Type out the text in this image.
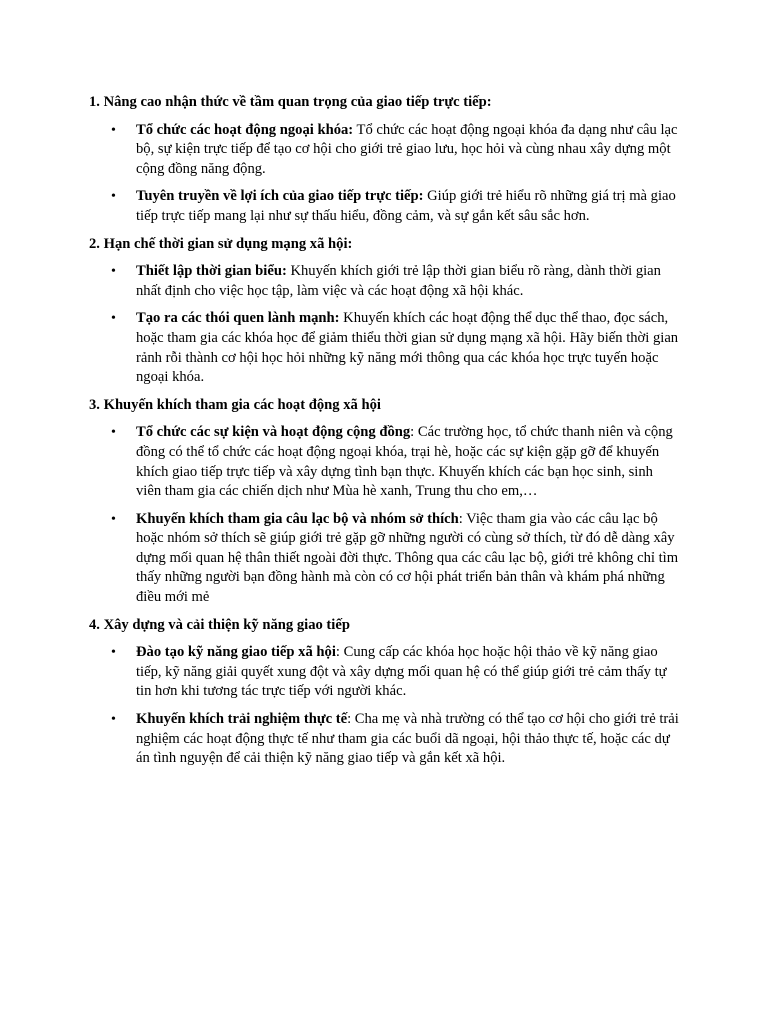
1. Nâng cao nhận thức về tầm quan trọng của giao tiếp trực tiếp:

• Tổ chức các hoạt động ngoại khóa: Tổ chức các hoạt động ngoại khóa đa dạng như câu lạc bộ, sự kiện trực tiếp để tạo cơ hội cho giới trẻ giao lưu, học hỏi và cùng nhau xây dựng một cộng đồng năng động.
• Tuyên truyền về lợi ích của giao tiếp trực tiếp: Giúp giới trẻ hiểu rõ những giá trị mà giao tiếp trực tiếp mang lại như sự thấu hiểu, đồng cảm, và sự gắn kết sâu sắc hơn.

2. Hạn chế thời gian sử dụng mạng xã hội:

• Thiết lập thời gian biểu: Khuyến khích giới trẻ lập thời gian biểu rõ ràng, dành thời gian nhất định cho việc học tập, làm việc và các hoạt động xã hội khác.
• Tạo ra các thói quen lành mạnh: Khuyến khích các hoạt động thể dục thể thao, đọc sách, hoặc tham gia các khóa học để giảm thiểu thời gian sử dụng mạng xã hội. Hãy biến thời gian rảnh rỗi thành cơ hội học hỏi những kỹ năng mới thông qua các khóa học trực tuyến hoặc ngoại khóa.

3. Khuyến khích tham gia các hoạt động xã hội

• Tổ chức các sự kiện và hoạt động cộng đồng: Các trường học, tổ chức thanh niên và cộng đồng có thể tổ chức các hoạt động ngoại khóa, trại hè, hoặc các sự kiện gặp gỡ để khuyến khích giao tiếp trực tiếp và xây dựng tình bạn thực. Khuyến khích các bạn học sinh, sinh viên tham gia các chiến dịch như Mùa hè xanh, Trung thu cho em,…
• Khuyến khích tham gia câu lạc bộ và nhóm sở thích: Việc tham gia vào các câu lạc bộ hoặc nhóm sở thích sẽ giúp giới trẻ gặp gỡ những người có cùng sở thích, từ đó dễ dàng xây dựng mối quan hệ thân thiết ngoài đời thực. Thông qua các câu lạc bộ, giới trẻ không chỉ tìm thấy những người bạn đồng hành mà còn có cơ hội phát triển bản thân và khám phá những điều mới mẻ

4. Xây dựng và cải thiện kỹ năng giao tiếp

• Đào tạo kỹ năng giao tiếp xã hội: Cung cấp các khóa học hoặc hội thảo về kỹ năng giao tiếp, kỹ năng giải quyết xung đột và xây dựng mối quan hệ có thể giúp giới trẻ cảm thấy tự tin hơn khi tương tác trực tiếp với người khác.
• Khuyến khích trải nghiệm thực tế: Cha mẹ và nhà trường có thể tạo cơ hội cho giới trẻ trải nghiệm các hoạt động thực tế như tham gia các buổi dã ngoại, hội thảo thực tế, hoặc các dự án tình nguyện để cải thiện kỹ năng giao tiếp và gắn kết xã hội.
